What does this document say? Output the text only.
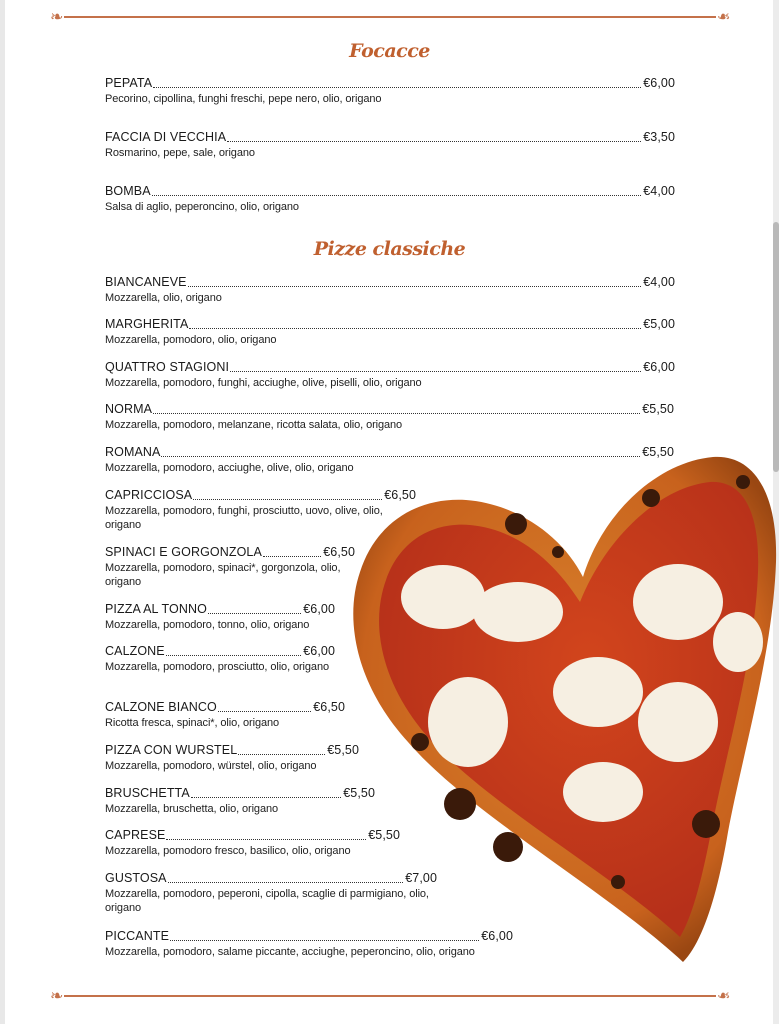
❧	❧
Focacce
PEPATA	€6,00
Pecorino, cipollina, funghi freschi, pepe nero, olio, origano
FACCIA DI VECCHIA	€3,50
Rosmarino, pepe, sale, origano
BOMBA	€4,00
Salsa di aglio, peperoncino, olio, origano
Pizze classiche
BIANCANEVE	€4,00
Mozzarella, olio, origano
MARGHERITA	€5,00
Mozzarella, pomodoro, olio, origano
QUATTRO STAGIONI	€6,00
Mozzarella, pomodoro, funghi, acciughe, olive, piselli, olio, origano
NORMA	€5,50
Mozzarella, pomodoro, melanzane, ricotta salata, olio, origano
ROMANA	€5,50
Mozzarella, pomodoro, acciughe, olive, olio, origano
CAPRICCIOSA	€6,50
Mozzarella, pomodoro, funghi, prosciutto, uovo, olive, olio, origano
SPINACI E GORGONZOLA	€6,50
Mozzarella, pomodoro, spinaci*, gorgonzola, olio, origano
PIZZA AL TONNO	€6,00
Mozzarella, pomodoro, tonno, olio, origano
CALZONE	€6,00
Mozzarella, pomodoro, prosciutto, olio, origano
CALZONE BIANCO	€6,50
Ricotta fresca, spinaci*, olio, origano
PIZZA CON WURSTEL	€5,50
Mozzarella, pomodoro, würstel, olio, origano
BRUSCHETTA	€5,50
Mozzarella, bruschetta, olio, origano
CAPRESE	€5,50
Mozzarella, pomodoro fresco, basilico, olio, origano
GUSTOSA	€7,00
Mozzarella, pomodoro, peperoni, cipolla, scaglie di parmigiano, olio, origano
PICCANTE	€6,00
Mozzarella, pomodoro, salame piccante, acciughe, peperoncino, olio, origano
❧	❧
